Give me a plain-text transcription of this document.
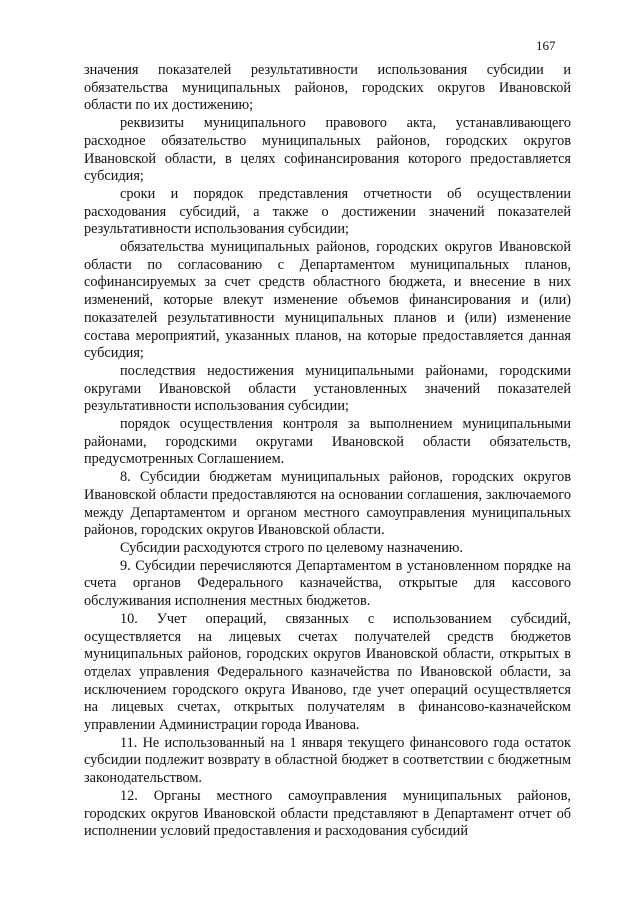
167

значения показателей результативности использования субсидии и обязательства муниципальных районов, городских округов Ивановской области по их достижению;

реквизиты муниципального правового акта, устанавливающего расходное обязательство муниципальных районов, городских округов Ивановской области, в целях софинансирования которого предоставляется субсидия;

сроки и порядок представления отчетности об осуществлении расходования субсидий, а также о достижении значений показателей результативности использования субсидии;

обязательства муниципальных районов, городских округов Ивановской области по согласованию с Департаментом муниципальных планов, софинансируемых за счет средств областного бюджета, и внесение в них изменений, которые влекут изменение объемов финансирования и (или) показателей результативности муниципальных планов и (или) изменение состава мероприятий, указанных планов, на которые предоставляется данная субсидия;

последствия недостижения муниципальными районами, городскими округами Ивановской области установленных значений показателей результативности использования субсидии;

порядок осуществления контроля за выполнением муниципальными районами, городскими округами Ивановской области обязательств, предусмотренных Соглашением.

8. Субсидии бюджетам муниципальных районов, городских округов Ивановской области предоставляются на основании соглашения, заключаемого между Департаментом и органом местного самоуправления муниципальных районов, городских округов Ивановской области.

Субсидии расходуются строго по целевому назначению.

9. Субсидии перечисляются Департаментом в установленном порядке на счета органов Федерального казначейства, открытые для кассового обслуживания исполнения местных бюджетов.

10. Учет операций, связанных с использованием субсидий, осуществляется на лицевых счетах получателей средств бюджетов муниципальных районов, городских округов Ивановской области, открытых в отделах управления Федерального казначейства по Ивановской области, за исключением городского округа Иваново, где учет операций осуществляется на лицевых счетах, открытых получателям в финансово-казначейском управлении Администрации города Иванова.

11. Не использованный на 1 января текущего финансового года остаток субсидии подлежит возврату в областной бюджет в соответствии с бюджетным законодательством.

12. Органы местного самоуправления муниципальных районов, городских округов Ивановской области представляют в Департамент отчет об исполнении условий предоставления и расходования субсидий
